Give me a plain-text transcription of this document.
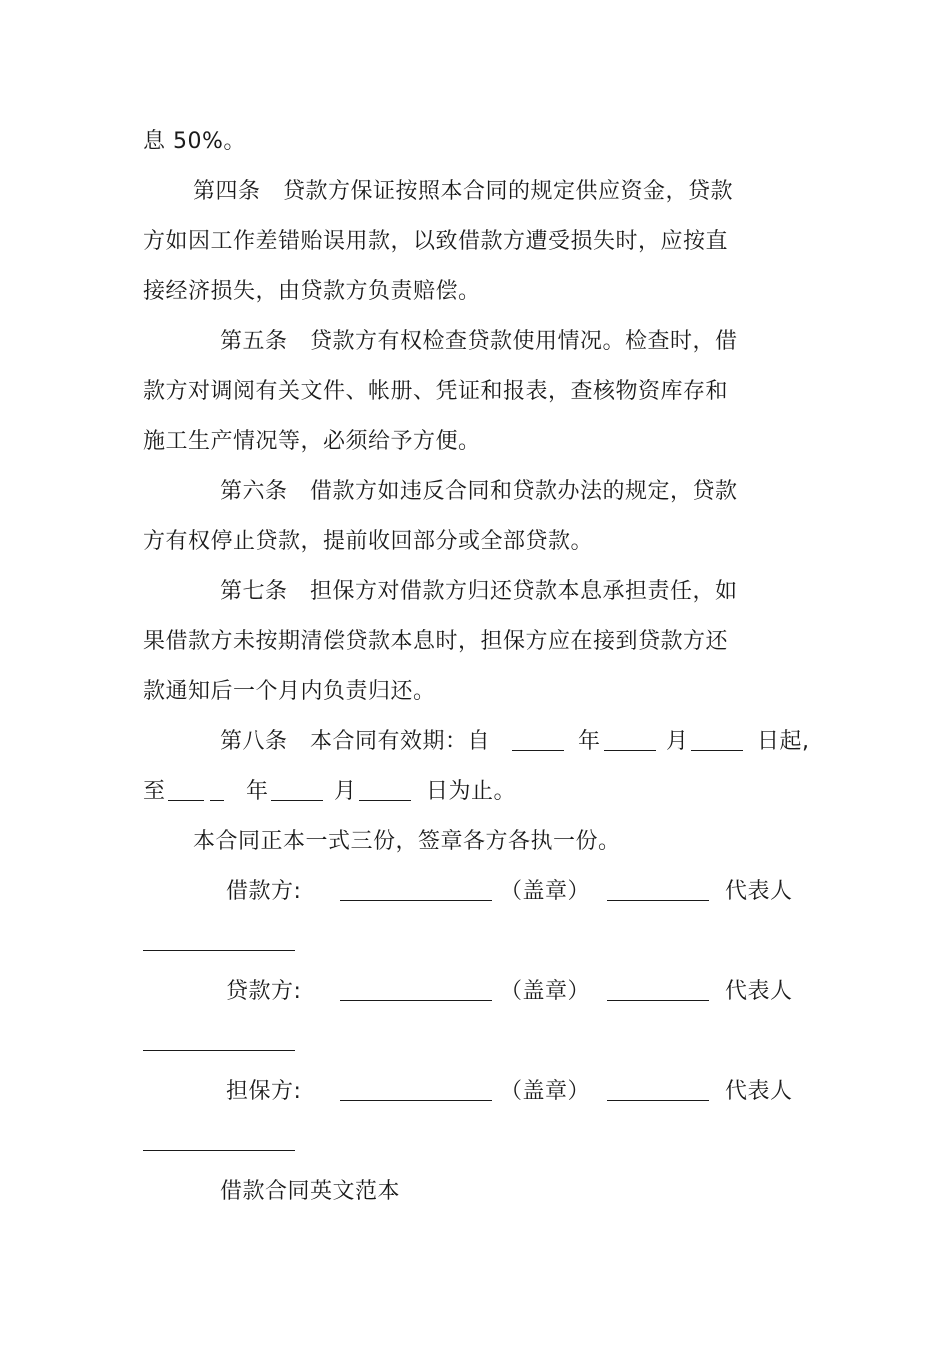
息 50%。
第四条　贷款方保证按照本合同的规定供应资金，贷款
方如因工作差错贻误用款，以致借款方遭受损失时，应按直
接经济损失，由贷款方负责赔偿。
第五条　贷款方有权检查贷款使用情况。检查时，借
款方对调阅有关文件、帐册、凭证和报表，查核物资库存和
施工生产情况等，必须给予方便。
第六条　借款方如违反合同和贷款办法的规定，贷款
方有权停止贷款，提前收回部分或全部贷款。
第七条　担保方对借款方归还贷款本息承担责任，如
果借款方未按期清偿贷款本息时，担保方应在接到贷款方还
款通知后一个月内负责归还。
第八条 本合同有效期：自	年	月	日起,
至	年	月	日为止。
本合同正本一式三份，签章各方各执一份。
借款方:	（盖章）	代表人
贷款方:	（盖章）	代表人
担保方:	（盖章）	代表人
借款合同英文范本
